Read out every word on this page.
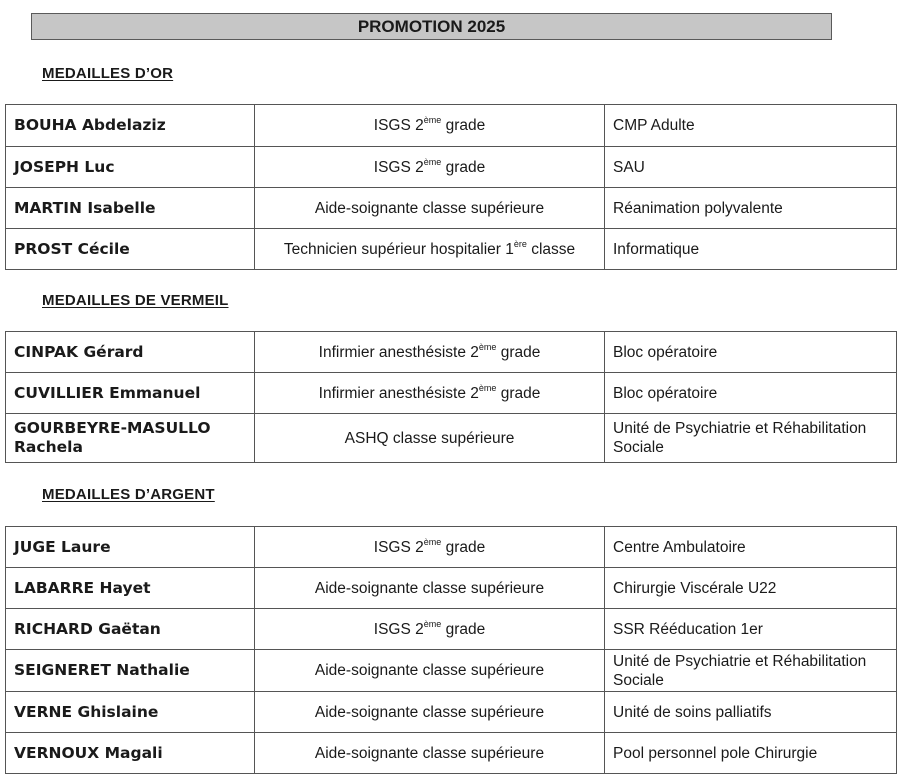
PROMOTION 2025
MEDAILLES D’OR
BOUHA Abdelaziz	ISGS 2ème grade	CMP Adulte
JOSEPH Luc	ISGS 2ème grade	SAU
MARTIN Isabelle	Aide-soignante classe supérieure	Réanimation polyvalente
PROST Cécile	Technicien supérieur hospitalier 1ère classe	Informatique
MEDAILLES DE VERMEIL
CINPAK Gérard	Infirmier anesthésiste 2ème grade	Bloc opératoire
CUVILLIER Emmanuel	Infirmier anesthésiste 2ème grade	Bloc opératoire
GOURBEYRE-MASULLO Rachela	ASHQ classe supérieure	Unité de Psychiatrie et Réhabilitation Sociale
MEDAILLES D’ARGENT
JUGE Laure	ISGS 2ème grade	Centre Ambulatoire
LABARRE Hayet	Aide-soignante classe supérieure	Chirurgie Viscérale U22
RICHARD Gaëtan	ISGS 2ème grade	SSR Rééducation 1er
SEIGNERET Nathalie	Aide-soignante classe supérieure	Unité de Psychiatrie et Réhabilitation Sociale
VERNE Ghislaine	Aide-soignante classe supérieure	Unité de soins palliatifs
VERNOUX Magali	Aide-soignante classe supérieure	Pool personnel pole Chirurgie
